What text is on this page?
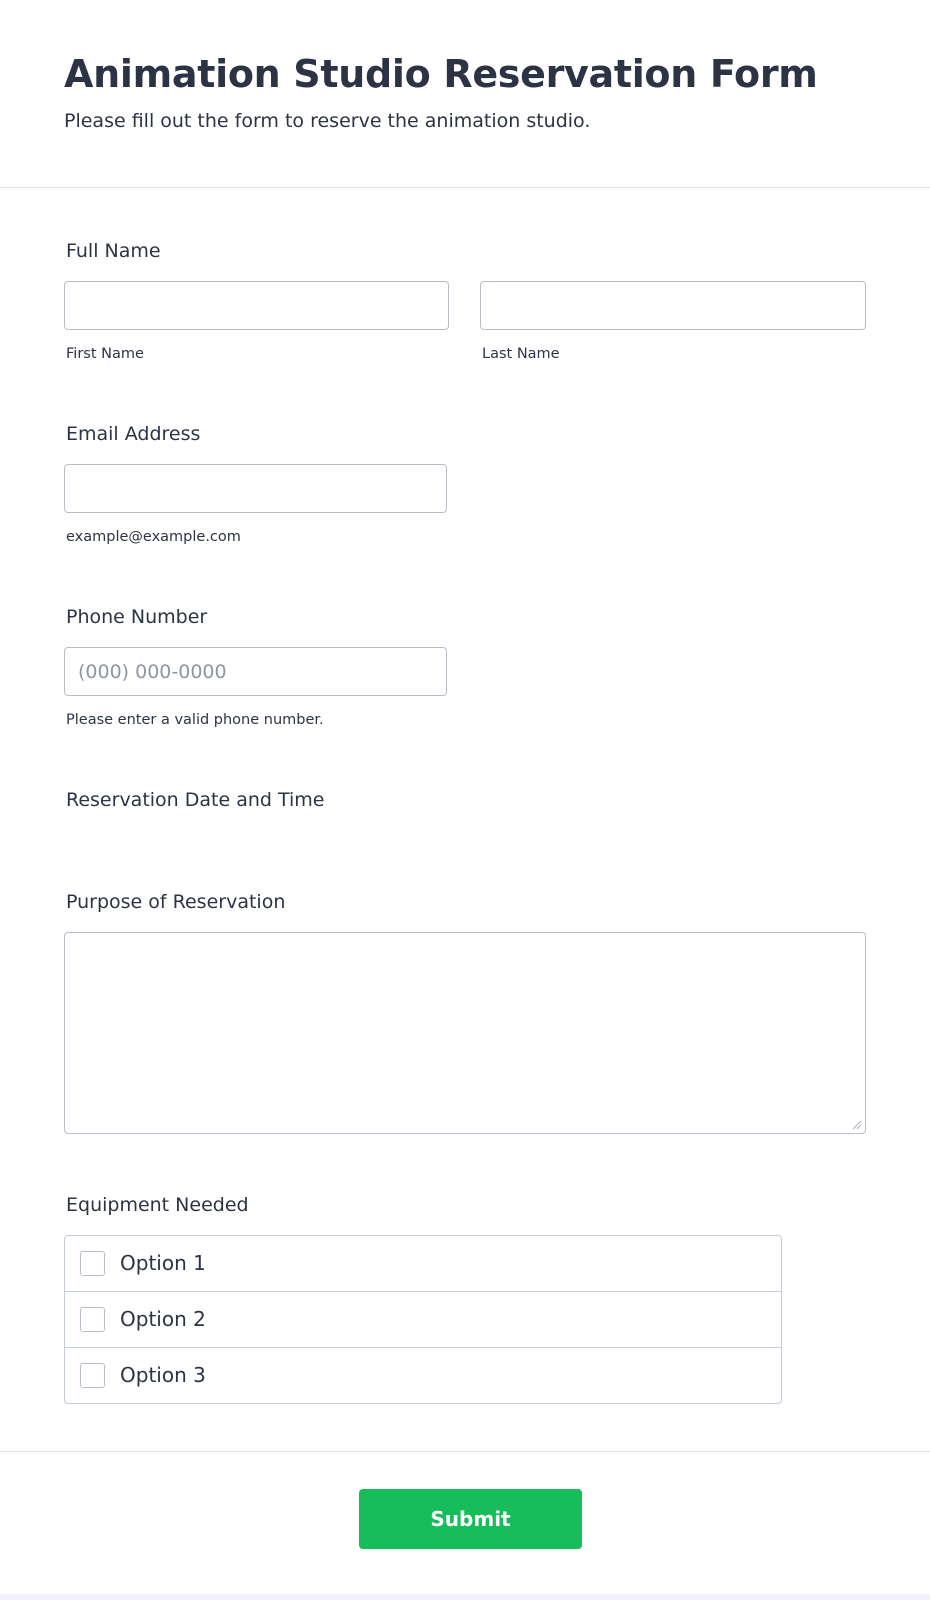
Animation Studio Reservation Form

Please fill out the form to reserve the animation studio.

Full Name
First Name	Last Name
Email Address
example@example.com
Phone Number
(000) 000-0000
Please enter a valid phone number.
Reservation Date and Time
Purpose of Reservation
Equipment Needed
Option 1
Option 2
Option 3
Submit
